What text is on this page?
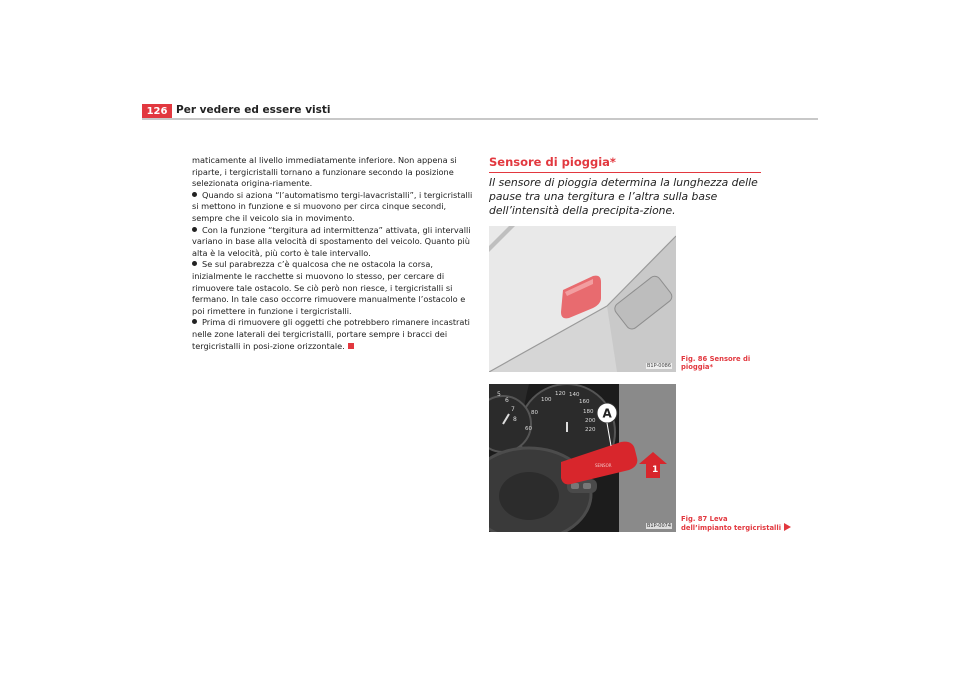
126 Per vedere ed essere visti

maticamente al livello immediatamente inferiore. Non appena si riparte, i tergicristalli tornano a funzionare secondo la posizione selezionata origina-riamente.

Quando si aziona “l’automatismo tergi-lavacristalli”, i tergicristalli si mettono in funzione e si muovono per circa cinque secondi, sempre che il veicolo sia in movimento.

Con la funzione “tergitura ad intermittenza” attivata, gli intervalli variano in base alla velocità di spostamento del veicolo. Quanto più alta è la velocità, più corto è tale intervallo.

Se sul parabrezza c’è qualcosa che ne ostacola la corsa, inizialmente le racchette si muovono lo stesso, per cercare di rimuovere tale ostacolo. Se ciò però non riesce, i tergicristalli si fermano. In tale caso occorre rimuovere manualmente l’ostacolo e poi rimettere in funzione i tergicristalli.

Prima di rimuovere gli oggetti che potrebbero rimanere incastrati nelle zone laterali dei tergicristalli, portare sempre i bracci dei tergicristalli in posi-zione orizzontale.

Sensore di pioggia*
Il sensore di pioggia determina la lunghezza delle pause tra una tergitura e l’altra sulla base dell’intensità della precipita-zione.
B1P-0086
Fig. 86 Sensore di
pioggia*
5
6
7
8
60
80
100
120 140
160
180
200
220
SENSOR
A
1
B1P-0074
Fig. 87 Leva
dell’impianto tergicristalli
